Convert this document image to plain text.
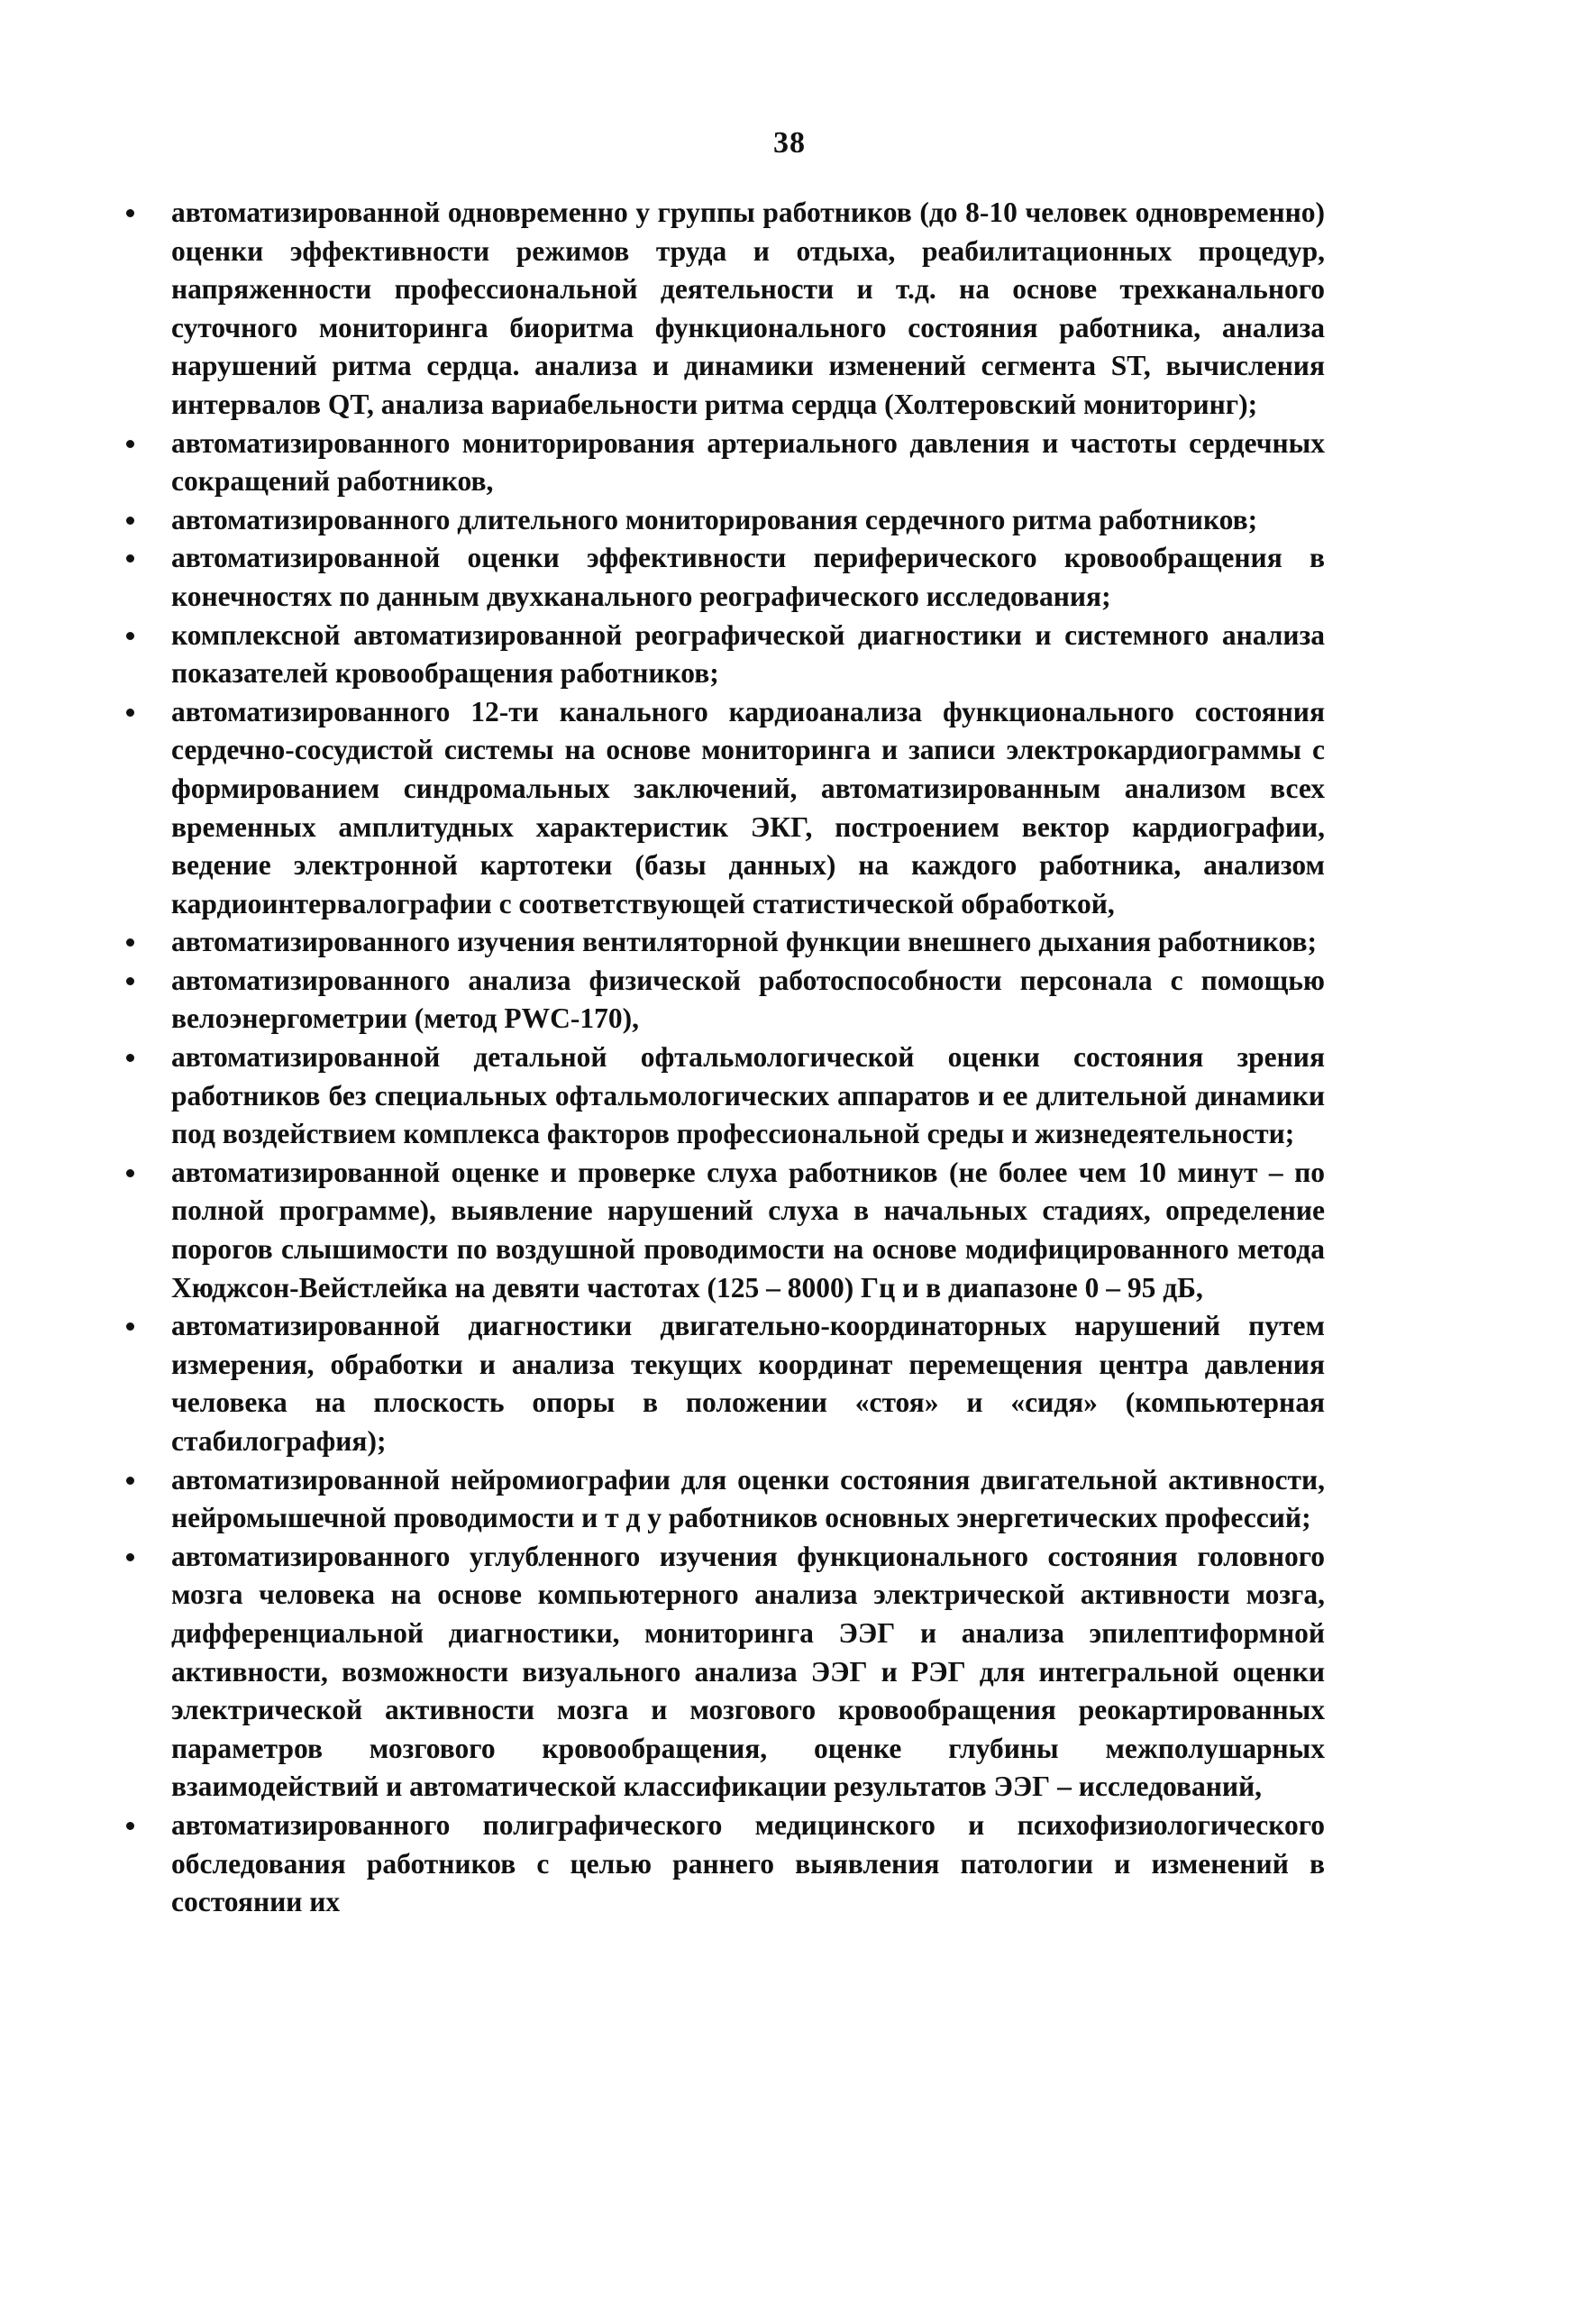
38
автоматизированной одновременно у группы работников (до 8-10 человек одновременно) оценки эффективности режимов труда и отдыха, реабилитационных процедур, напряженности профессиональной деятельности и т.д. на основе трехканального суточного мониторинга биоритма функционального состояния работника, анализа нарушений ритма сердца. анализа и динамики изменений сегмента ST, вычисления интервалов QT, анализа вариабельности ритма сердца (Холтеровский мониторинг);
автоматизированного мониторирования артериального давления и частоты сердечных сокращений работников,
автоматизированного длительного мониторирования сердечного ритма работников;
автоматизированной оценки эффективности периферического кровообращения в конечностях по данным двухканального реографического исследования;
комплексной автоматизированной реографической диагностики и системного анализа показателей кровообращения работников;
автоматизированного 12-ти канального кардиоанализа функционального состояния сердечно-сосудистой системы на основе мониторинга и записи электрокардиограммы с формированием синдромальных заключений, автоматизированным анализом всех временных амплитудных характеристик ЭКГ, построением вектор кардиографии, ведение электронной картотеки (базы данных) на каждого работника, анализом кардиоинтервалографии с соответствующей статистической обработкой,
автоматизированного изучения вентиляторной функции внешнего дыхания работников;
автоматизированного анализа физической работоспособности персонала с помощью велоэнергометрии (метод PWC-170),
автоматизированной детальной офтальмологической оценки состояния зрения работников без специальных офтальмологических аппаратов и ее длительной динамики под воздействием комплекса факторов профессиональной среды и жизнедеятельности;
автоматизированной оценке и проверке слуха работников (не более чем 10 минут – по полной программе), выявление нарушений слуха в начальных стадиях, определение порогов слышимости по воздушной проводимости на основе модифицированного метода Хюджсон-Вейстлейка на девяти частотах (125 – 8000) Гц и в диапазоне 0 – 95 дБ,
автоматизированной диагностики двигательно-координаторных нарушений путем измерения, обработки и анализа текущих координат перемещения центра давления человека на плоскость опоры в положении «стоя» и «сидя» (компьютерная стабилография);
автоматизированной нейромиографии для оценки состояния двигательной активности, нейромышечной проводимости и т д у работников основных энергетических профессий;
автоматизированного углубленного изучения функционального состояния головного мозга человека на основе компьютерного анализа электрической активности мозга, дифференциальной диагностики, мониторинга ЭЭГ и анализа эпилептиформной активности, возможности визуального анализа ЭЭГ и РЭГ для интегральной оценки электрической активности мозга и мозгового кровообращения реокартированных параметров мозгового кровообращения, оценке глубины межполушарных взаимодействий и автоматической классификации результатов ЭЭГ – исследований,
автоматизированного полиграфического медицинского и психофизиологического обследования работников с целью раннего выявления патологии и изменений в состоянии их
